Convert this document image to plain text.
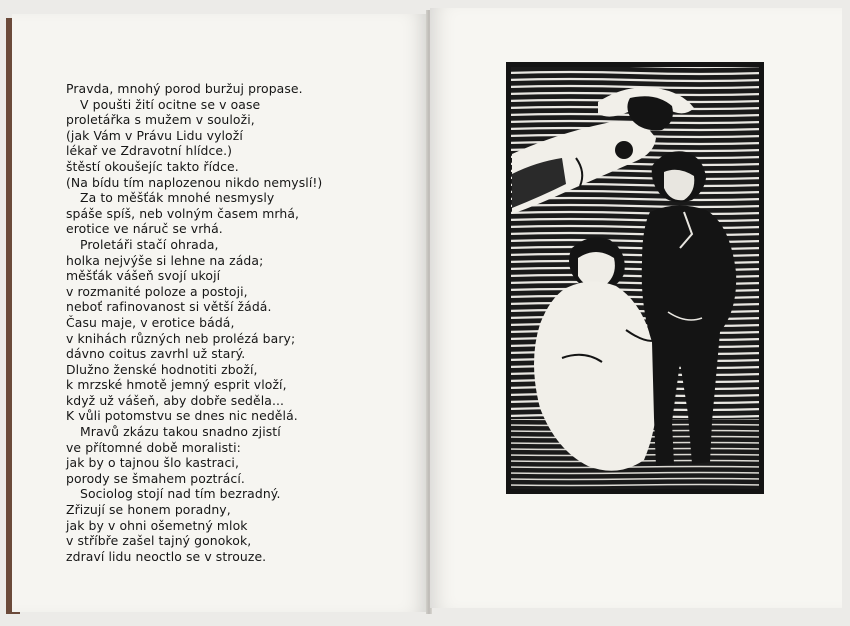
Pravda, mnohý porod buržuj propase.
V poušti žití ocitne se v oase
proletářka s mužem v souloži,
(jak Vám v Právu Lidu vyloží
lékař ve Zdravotní hlídce.)
štěstí okoušejíc takto řídce.
(Na bídu tím naplozenou nikdo nemyslí!)
Za to měšťák mnohé nesmysly
spáše spíš, neb volným časem mrhá,
erotice ve náruč se vrhá.
Proletáři stačí ohrada,
holka nejvýše si lehne na záda;
měšťák vášeň svojí ukojí
v rozmanité poloze a postoji,
neboť rafinovanost si větší žádá.
Času maje, v erotice bádá,
v knihách různých neb prolézá bary;
dávno coitus zavrhl už starý.
Dlužno ženské hodnotiti zboží,
k mrzské hmotě jemný esprit vloží,
když už vášeň, aby dobře seděla...
K vůli potomstvu se dnes nic nedělá.
Mravů zkázu takou snadno zjistí
ve přítomné době moralisti:
jak by o tajnou šlo kastraci,
porody se šmahem poztrácí.
Sociolog stojí nad tím bezradný.
Zřizují se honem poradny,
jak by v ohni ošemetný mlok
v stříbře zašel tajný gonokok,
zdraví lidu neoctlo se v strouze.
